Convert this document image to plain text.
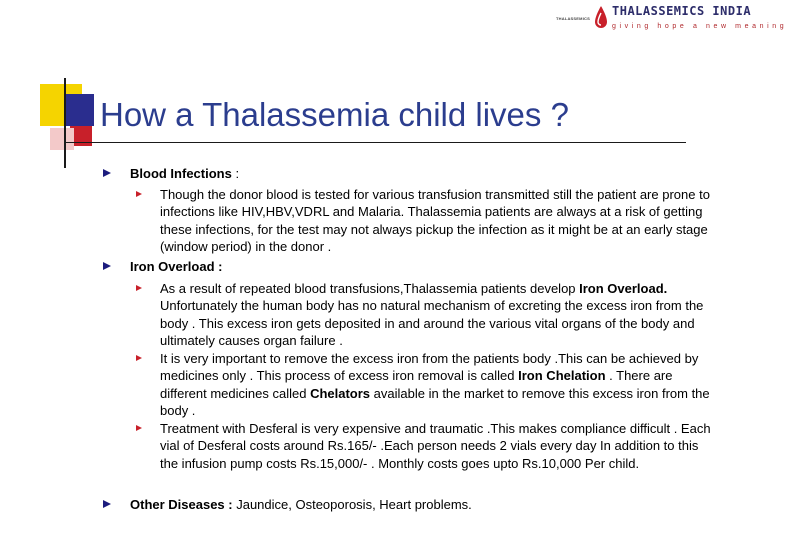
THALASSEMICS
THALASSEMICS INDIA
giving hope a new meaning
How a Thalassemia child lives ?
Blood Infections :
Though the donor blood is tested for various transfusion transmitted still the patient are prone to infections like HIV,HBV,VDRL and Malaria. Thalassemia patients are always at a risk of getting these infections, for the test may not always pickup the infection as it might be at an early stage (window period) in the donor .
Iron Overload :
As a result of repeated blood transfusions,Thalassemia patients develop Iron Overload. Unfortunately the human body has no natural mechanism of excreting the excess iron from the body . This excess iron gets deposited in and around the various vital organs of the body and ultimately causes organ failure .
It is very important to remove the excess iron from the patients body .This can be achieved by medicines only . This process of excess iron removal is called Iron Chelation . There are different medicines called Chelators available in the market to remove this excess iron from the body .
Treatment with Desferal is very expensive and traumatic .This makes compliance difficult . Each vial of Desferal costs around Rs.165/- .Each person needs 2 vials every day In addition to this the infusion pump costs Rs.15,000/- . Monthly costs goes upto Rs.10,000 Per child.
Other Diseases : Jaundice, Osteoporosis, Heart problems.
